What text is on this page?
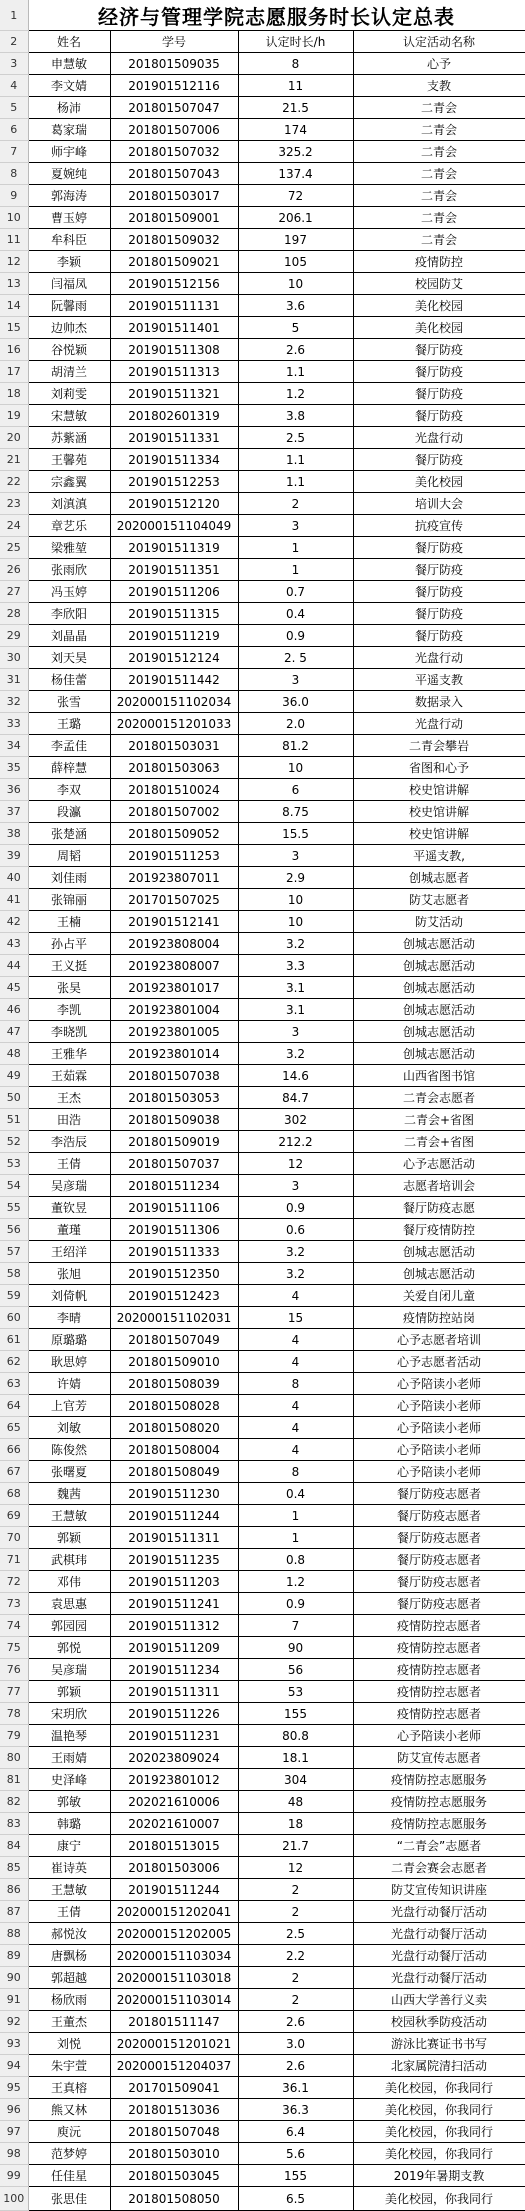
1	经济与管理学院志愿服务时长认定总表			
2	姓名	学号	认定时长/h	认定活动名称
3	申慧敏	201801509035	8	心予
4	李文婧	201901512116	11	支教
5	杨沛	201801507047	21.5	二青会
6	葛家瑞	201801507006	174	二青会
7	师宇峰	201801507032	325.2	二青会
8	夏婉纯	201801507043	137.4	二青会
9	郭海涛	201801503017	72	二青会
10	曹玉婷	201801509001	206.1	二青会
11	牟科臣	201801509032	197	二青会
12	李颖	201801509021	105	疫情防控
13	闫福凤	201901512156	10	校园防艾
14	阮馨雨	201901511131	3.6	美化校园
15	边帅杰	201901511401	5	美化校园
16	谷悦颖	201901511308	2.6	餐厅防疫
17	胡清兰	201901511313	1.1	餐厅防疫
18	刘莉雯	201901511321	1.2	餐厅防疫
19	宋慧敏	201802601319	3.8	餐厅防疫
20	苏紫涵	201901511331	2.5	光盘行动
21	王馨苑	201901511334	1.1	餐厅防疫
22	宗鑫翼	201901512253	1.1	美化校园
23	刘滇滇	201901512120	2	培训大会
24	章艺乐	202000151104049	3	抗疫宣传
25	梁雅堃	201901511319	1	餐厅防疫
26	张雨欣	201901511351	1	餐厅防疫
27	冯玉婷	201901511206	0.7	餐厅防疫
28	李欣阳	201901511315	0.4	餐厅防疫
29	刘晶晶	201901511219	0.9	餐厅防疫
30	刘天昊	201901512124	2. 5	光盘行动
31	杨佳蕾	201901511442	3	平遥支教
32	张雪	202000151102034	36.0	数据录入
33	王璐	202000151201033	2.0	光盘行动
34	李孟佳	201801503031	81.2	二青会攀岩
35	薛梓慧	201801503063	10	省图和心予
36	李双	201801510024	6	校史馆讲解
37	段瀛	201801507002	8.75	校史馆讲解
38	张楚涵	201801509052	15.5	校史馆讲解
39	周韬	201901511253	3	平遥支教,
40	刘佳雨	201923807011	2.9	创城志愿者
41	张锦丽	201701507025	10	防艾志愿者
42	王楠	201901512141	10	防艾活动
43	孙占平	201923808004	3.2	创城志愿活动
44	王义挺	201923808007	3.3	创城志愿活动
45	张昊	201923801017	3.1	创城志愿活动
46	李凯	201923801004	3.1	创城志愿活动
47	李晓凯	201923801005	3	创城志愿活动
48	王雅华	201923801014	3.2	创城志愿活动
49	王茹霖	201801507038	14.6	山西省图书馆
50	王杰	201801503053	84.7	二青会志愿者
51	田浩	201801509038	302	二青会+省图
52	李浩辰	201801509019	212.2	二青会+省图
53	王倩	201801507037	12	心予志愿活动
54	吴彦瑞	201801511234	3	志愿者培训会
55	董钦昱	201901511106	0.9	餐厅防疫志愿
56	董瑾	201901511306	0.6	餐厅疫情防控
57	王绍洋	201901511333	3.2	创城志愿活动
58	张旭	201901512350	3.2	创城志愿活动
59	刘倚帆	201901512423	4	关爱自闭儿童
60	李晴	202000151102031	15	疫情防控站岗
61	原璐璐	201801507049	4	心予志愿者培训
62	耿思婷	201801509010	4	心予志愿者活动
63	许婧	201801508039	8	心予陪读小老师
64	上官芳	201801508028	4	心予陪读小老师
65	刘敏	201801508020	4	心予陪读小老师
66	陈俊然	201801508004	4	心予陪读小老师
67	张曙夏	201801508049	8	心予陪读小老师
68	魏茜	201901511230	0.4	餐厅防疫志愿者
69	王慧敏	201901511244	1	餐厅防疫志愿者
70	郭颖	201901511311	1	餐厅防疫志愿者
71	武棋玮	201901511235	0.8	餐厅防疫志愿者
72	邓伟	201901511203	1.2	餐厅防疫志愿者
73	袁思惠	201901511241	0.9	餐厅防疫志愿者
74	郭园园	201901511312	7	疫情防控志愿者
75	郭悦	201901511209	90	疫情防控志愿者
76	吴彦瑞	201901511234	56	疫情防控志愿者
77	郭颖	201901511311	53	疫情防控志愿者
78	宋玥欣	201901511226	155	疫情防控志愿者
79	温艳琴	201901511231	80.8	心予陪读小老师
80	王雨婧	202023809024	18.1	防艾宣传志愿者
81	史泽峰	201923801012	304	疫情防控志愿服务
82	郭敏	202021610006	48	疫情防控志愿服务
83	韩璐	202021610007	18	疫情防控志愿服务
84	康宁	201801513015	21.7	“二青会”志愿者
85	崔诗英	201801503006	12	二青会赛会志愿者
86	王慧敏	201901511244	2	防艾宣传知识讲座
87	王倩	202000151202041	2	光盘行动餐厅活动
88	郝悦汝	202000151202005	2.5	光盘行动餐厅活动
89	唐飘杨	202000151103034	2.2	光盘行动餐厅活动
90	郭超越	202000151103018	2	光盘行动餐厅活动
91	杨欣雨	202000151103014	2	山西大学善行义卖
92	王董杰	201801511147	2.6	校园秋季防疫活动
93	刘悦	202000151201021	3.0	游泳比赛证书书写
94	朱宇萱	202000151204037	2.6	北家属院清扫活动
95	王真榕	201701509041	36.1	美化校园，你我同行
96	熊又林	201801513036	36.3	美化校园，你我同行
97	庾沅	201801507048	6.4	美化校园，你我同行
98	范梦婷	201801503010	5.6	美化校园，你我同行
99	任佳星	201801503045	155	2019年暑期支教
100	张思佳	201801508050	6.5	美化校园，你我同行
